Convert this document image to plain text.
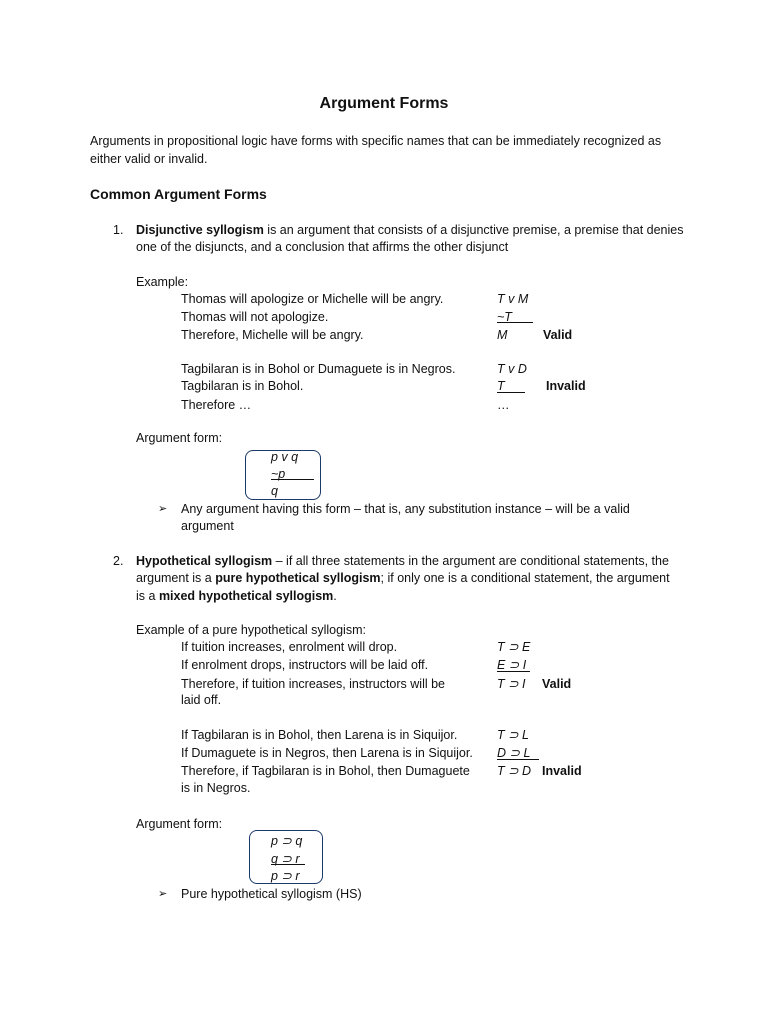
Argument Forms
Arguments in propositional logic have forms with specific names that can be immediately recognized as
either valid or invalid.
Common Argument Forms
1. Disjunctive syllogism is an argument that consists of a disjunctive premise, a premise that denies
one of the disjuncts, and a conclusion that affirms the other disjunct
Example:
Thomas will apologize or Michelle will be angry.
Thomas will not apologize.
Therefore, Michelle will be angry.
T v M
~T
M	Valid
Tagbilaran is in Bohol or Dumaguete is in Negros.
Tagbilaran is in Bohol.
Therefore …
T v D
T	Invalid
…
Argument form:
p v q
~p
q
➢ Any argument having this form – that is, any substitution instance – will be a valid
argument
2. Hypothetical syllogism – if all three statements in the argument are conditional statements, the
argument is a pure hypothetical syllogism; if only one is a conditional statement, the argument
is a mixed hypothetical syllogism.
Example of a pure hypothetical syllogism:
If tuition increases, enrolment will drop.
If enrolment drops, instructors will be laid off.
Therefore, if tuition increases, instructors will be
laid off.
T ⊃ E
E ⊃ I
T ⊃ I Valid
If Tagbilaran is in Bohol, then Larena is in Siquijor.
If Dumaguete is in Negros, then Larena is in Siquijor.
Therefore, if Tagbilaran is in Bohol, then Dumaguete
is in Negros.
T ⊃ L
D ⊃ L
T ⊃ D Invalid
Argument form:
p ⊃ q
q ⊃ r
p ⊃ r
➢ Pure hypothetical syllogism (HS)
